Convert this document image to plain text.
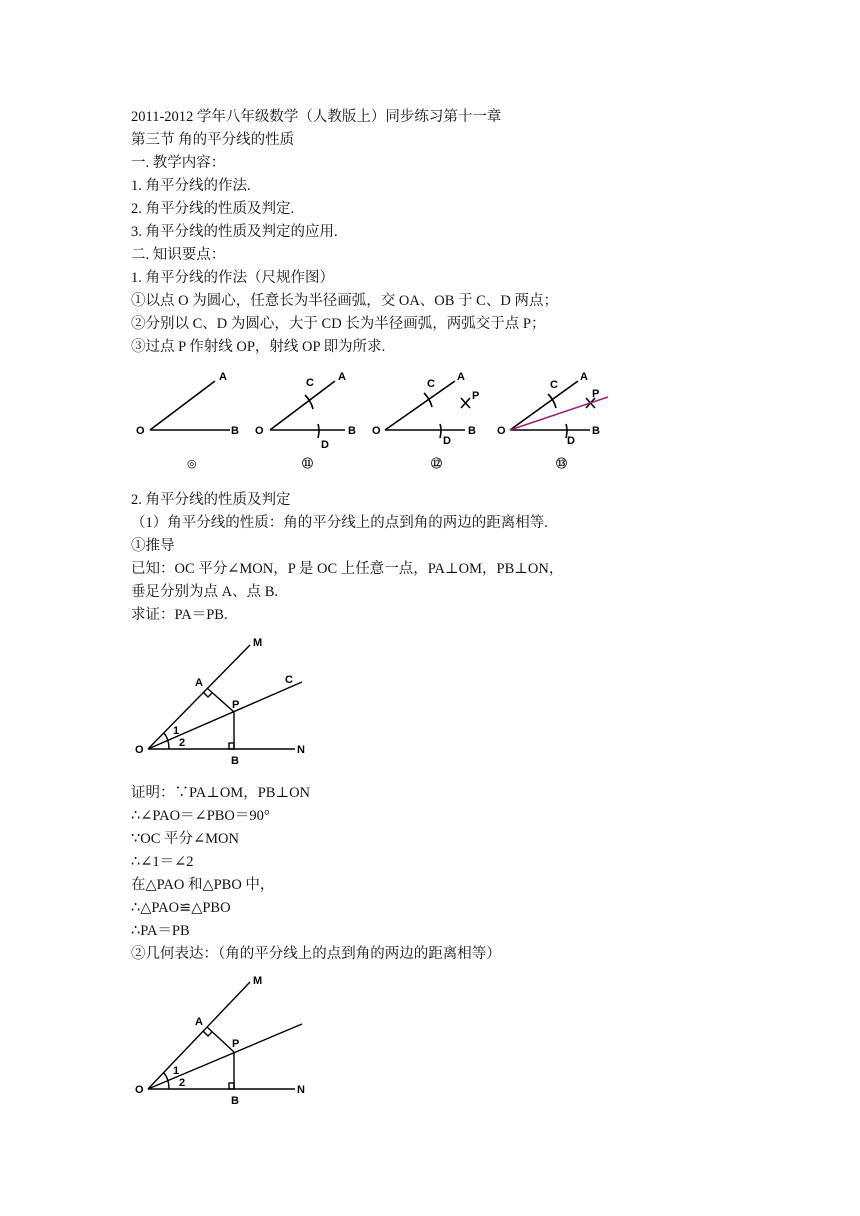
2011-2012 学年八年级数学（人教版上）同步练习第十一章
第三节 角的平分线的性质
一. 教学内容：
1. 角平分线的作法.
2. 角平分线的性质及判定.
3. 角平分线的性质及判定的应用.
二. 知识要点：
1. 角平分线的作法（尺规作图）
①以点 O 为圆心，任意长为半径画弧，交 OA、OB 于 C、D 两点；
②分别以 C、D 为圆心，大于 CD 长为半径画弧，两弧交于点 P；
③过点 P 作射线 OP，射线 OP 即为所求.
O
A
B O
A
B
C
D
O
A
B
C
D
P
O
A
B
C
D
P
◎	⑪	⑫	⑬
2. 角平分线的性质及判定
（1）角平分线的性质：角的平分线上的点到角的两边的距离相等.
①推导
已知：OC 平分∠MON，P 是 OC 上任意一点，PA⊥OM，PB⊥ON，
垂足分别为点 A、点 B.
求证：PA＝PB.
M
A	C
P
O	N
B
1
2
证明：∵PA⊥OM，PB⊥ON
∴∠PAO＝∠PBO＝90°
∵OC 平分∠MON
∴∠1＝∠2
在△PAO 和△PBO 中，
∴△PAO≌△PBO
∴PA＝PB
②几何表达：（角的平分线上的点到角的两边的距离相等）
M
A
P
O	N
B
1
2
